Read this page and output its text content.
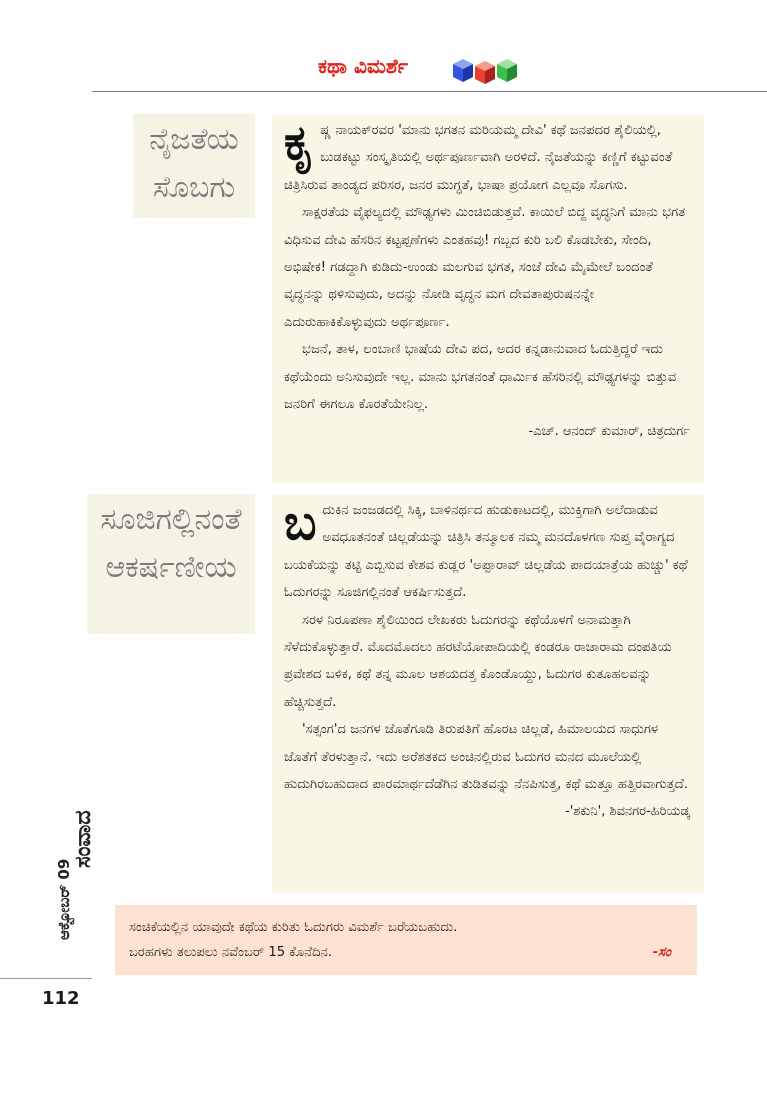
ಕಥಾ ವಿಮರ್ಶೆ
ನೈಜತೆಯ
ಸೊಬಗು
ಕೃ ಷ್ಣ ನಾಯಕ್‌ರವರ 'ಮಾನು ಭಗತನ ಮರಿಯಮ್ಮ ದೇವಿ' ಕಥೆ ಜನಪದರ ಶೈಲಿಯಲ್ಲಿ, ಬುಡಕಟ್ಟು ಸಂಸ್ಕೃತಿಯಲ್ಲಿ ಅರ್ಥಪೂರ್ಣವಾಗಿ ಅರಳಿದೆ. ನೈಜತೆಯನ್ನು ಕಣ್ಣಿಗೆ ಕಟ್ಟುವಂತೆ ಚಿತ್ರಿಸಿರುವ ತಾಂಡ್ಯದ ಪರಿಸರ, ಜನರ ಮುಗ್ಧತೆ, ಭಾಷಾ ಪ್ರಯೋಗ ಎಲ್ಲವೂ ಸೊಗಸು.

ಸಾಕ್ಷರತೆಯ ವೈಫಲ್ಯದಲ್ಲಿ ಮೌಢ್ಯಗಳು ಮಿಂಚಿಬಿಡುತ್ತವೆ. ಕಾಯಿಲೆ ಬಿದ್ದ ವೃದ್ಧನಿಗೆ ಮಾನು ಭಗತ ವಿಧಿಸುವ ದೇವಿ ಹೆಸರಿನ ಕಟ್ಟಪ್ಪಣೆಗಳು ಎಂತಹವು! ಗಬ್ಬದ ಕುರಿ ಬಲಿ ಕೊಡಬೇಕು, ಸೇಂದಿ, ಅಭಿಷೇಕ! ಗಡದ್ದಾಗಿ ಕುಡಿದು-ಉಂಡು ಮಲಗುವ ಭಗತ, ಸಂಜೆ ದೇವಿ ಮೈಮೇಲೆ ಬಂದಂತೆ ವೃದ್ಧನನ್ನು ಥಳಿಸುವುದು, ಅದನ್ನು ನೋಡಿ ವೃದ್ಧನ ಮಗ ದೇವತಾಪುರುಷನನ್ನೇ ಎದುರುಹಾಕಿಕೊಳ್ಳುವುದು ಅರ್ಥಪೂರ್ಣ.

ಭಜನೆ, ತಾಳ, ಲಂಬಾಣಿ ಭಾಷೆಯ ದೇವಿ ಪದ, ಅದರ ಕನ್ನಡಾನುವಾದ ಓದುತ್ತಿದ್ದರೆ ಇದು ಕಥೆಯೆಂದು ಅನಿಸುವುದೇ ಇಲ್ಲ. ಮಾನು ಭಗತನಂತೆ ಧಾರ್ಮಿಕ ಹೆಸರಿನಲ್ಲಿ ಮೌಢ್ಯಗಳನ್ನು ಬಿತ್ತುವ ಜನರಿಗೆ ಈಗಲೂ ಕೊರತೆಯೇನಿಲ್ಲ.

-ಎಚ್. ಆನಂದ್ ಕುಮಾರ್, ಚಿತ್ರದುರ್ಗ
ಸೂಜಿಗಲ್ಲಿನಂತೆ
ಆಕರ್ಷಣೀಯ
ಬ ದುಕಿನ ಜಂಜಡದಲ್ಲಿ ಸಿಕ್ಕಿ, ಬಾಳಿನರ್ಥದ ಹುಡುಕಾಟದಲ್ಲಿ, ಮುಕ್ತಿಗಾಗಿ ಅಲೆದಾಡುವ ಅವಧೂತನಂತೆ ಚಿಲ್ಲಡೆಯನ್ನು ಚಿತ್ರಿಸಿ ತನ್ಮೂಲಕ ನಮ್ಮ ಮನದೊಳಗಣ ಸುಪ್ತ ವೈರಾಗ್ಯದ ಬಯಕೆಯನ್ನು ತಟ್ಟಿ ಎಬ್ಬಿಸುವ ಕೇಶವ ಕುಡ್ಲರ 'ಅಪ್ಪಾರಾವ್ ಚಿಲ್ಲಡೆಯ ಪಾದಯಾತ್ರೆಯ ಹುಚ್ಚು' ಕಥೆ ಓದುಗರನ್ನು ಸೂಜಿಗಲ್ಲಿನಂತೆ ಆಕರ್ಷಿಸುತ್ತದೆ.

ಸರಳ ನಿರೂಪಣಾ ಶೈಲಿಯಿಂದ ಲೇಖಕರು ಓದುಗರನ್ನು ಕಥೆಯೊಳಗೆ ಅನಾಮತ್ತಾಗಿ ಸೆಳೆದುಕೊಳ್ಳುತ್ತಾರೆ. ಮೊದಮೊದಲು ಹರಟೆಯೋಪಾದಿಯಲ್ಲಿ ಕಂಡರೂ ರಾಜಾರಾಮ ದಂಪತಿಯ ಪ್ರವೇಶದ ಬಳಿಕ, ಕಥೆ ತನ್ನ ಮೂಲ ಆಶಯದತ್ತ ಕೊಂಡೊಯ್ದು, ಓದುಗರ ಕುತೂಹಲವನ್ನು ಹೆಚ್ಚಿಸುತ್ತದೆ.

'ಸತ್ಸಂಗ'ದ ಜನಗಳ ಜೊತೆಗೂಡಿ ತಿರುಪತಿಗೆ ಹೊರಟ ಚಿಲ್ಲಡೆ, ಹಿಮಾಲಯದ ಸಾಧುಗಳ ಜೊತೆಗೆ ತೆರಳುತ್ತಾನೆ. ಇದು ಅರೆಶತಕದ ಅಂಚಿನಲ್ಲಿರುವ ಓದುಗರ ಮನದ ಮೂಲೆಯಲ್ಲಿ ಹುದುಗಿರಬಹುದಾದ ಪಾರಮಾರ್ಥದೆಡೆಗಿನ ತುಡಿತವನ್ನು ನೆನಪಿಸುತ್ತ, ಕಥೆ ಮತ್ತೂ ಹತ್ತಿರವಾಗುತ್ತದೆ.

-'ಶಕುನಿ', ಶಿವನಗರ-ಹಿರಿಯಡ್ಕ
ಸಂಚಿಕೆಯಲ್ಲಿನ ಯಾವುದೇ ಕಥೆಯ ಕುರಿತು ಓದುಗರು ವಿಮರ್ಶೆ ಬರೆಯಬಹುದು.
ಬರಹಗಳು ತಲುಪಲು ನವೆಂಬರ್ 15 ಕೊನೆದಿನ.	-ಸಂ
ಸಂವಾದ
ಆಕ್ಟೋಬರ್ 09
112
